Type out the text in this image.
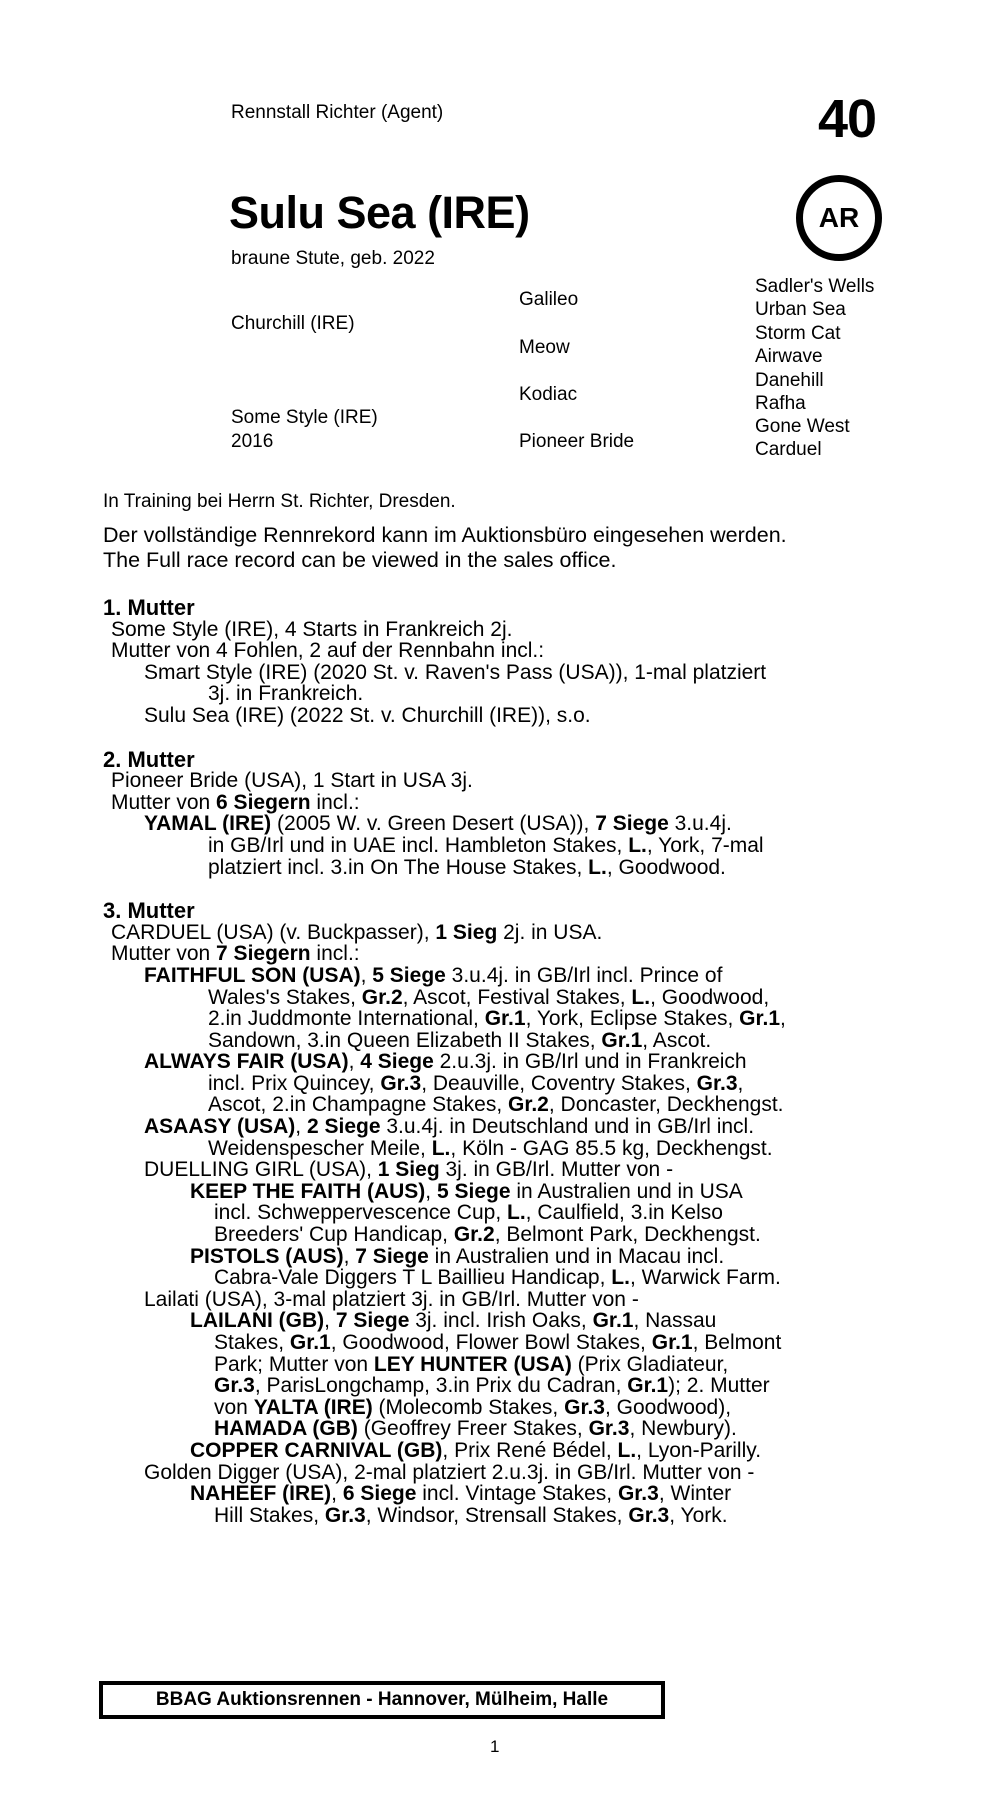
Rennstall Richter (Agent)	40
Sulu Sea (IRE)
braune Stute, geb. 2022
AR
Churchill (IRE)
Some Style (IRE)
2016
Galileo
Meow
Kodiac
Pioneer Bride
Sadler's Wells
Urban Sea
Storm Cat
Airwave
Danehill
Rafha
Gone West
Carduel
In Training bei Herrn St. Richter, Dresden.
Der vollständige Rennrekord kann im Auktionsbüro eingesehen werden.
The Full race record can be viewed in the sales office.
1. Mutter
Some Style (IRE), 4 Starts in Frankreich 2j.
Mutter von 4 Fohlen, 2 auf der Rennbahn incl.:
Smart Style (IRE) (2020 St. v. Raven's Pass (USA)), 1-mal platziert
3j. in Frankreich.
Sulu Sea (IRE) (2022 St. v. Churchill (IRE)), s.o.
2. Mutter
Pioneer Bride (USA), 1 Start in USA 3j.
Mutter von 6 Siegern incl.:
YAMAL (IRE) (2005 W. v. Green Desert (USA)), 7 Siege 3.u.4j.
in GB/Irl und in UAE incl. Hambleton Stakes, L., York, 7-mal
platziert incl. 3.in On The House Stakes, L., Goodwood.
3. Mutter
CARDUEL (USA) (v. Buckpasser), 1 Sieg 2j. in USA.
Mutter von 7 Siegern incl.:
FAITHFUL SON (USA), 5 Siege 3.u.4j. in GB/Irl incl. Prince of
Wales's Stakes, Gr.2, Ascot, Festival Stakes, L., Goodwood,
2.in Juddmonte International, Gr.1, York, Eclipse Stakes, Gr.1,
Sandown, 3.in Queen Elizabeth II Stakes, Gr.1, Ascot.
ALWAYS FAIR (USA), 4 Siege 2.u.3j. in GB/Irl und in Frankreich
incl. Prix Quincey, Gr.3, Deauville, Coventry Stakes, Gr.3,
Ascot, 2.in Champagne Stakes, Gr.2, Doncaster, Deckhengst.
ASAASY (USA), 2 Siege 3.u.4j. in Deutschland und in GB/Irl incl.
Weidenspescher Meile, L., Köln - GAG 85.5 kg, Deckhengst.
DUELLING GIRL (USA), 1 Sieg 3j. in GB/Irl. Mutter von -
KEEP THE FAITH (AUS), 5 Siege in Australien und in USA
incl. Schweppervescence Cup, L., Caulfield, 3.in Kelso
Breeders' Cup Handicap, Gr.2, Belmont Park, Deckhengst.
PISTOLS (AUS), 7 Siege in Australien und in Macau incl.
Cabra-Vale Diggers T L Baillieu Handicap, L., Warwick Farm.
Lailati (USA), 3-mal platziert 3j. in GB/Irl. Mutter von -
LAILANI (GB), 7 Siege 3j. incl. Irish Oaks, Gr.1, Nassau
Stakes, Gr.1, Goodwood, Flower Bowl Stakes, Gr.1, Belmont
Park; Mutter von LEY HUNTER (USA) (Prix Gladiateur,
Gr.3, ParisLongchamp, 3.in Prix du Cadran, Gr.1); 2. Mutter
von YALTA (IRE) (Molecomb Stakes, Gr.3, Goodwood),
HAMADA (GB) (Geoffrey Freer Stakes, Gr.3, Newbury).
COPPER CARNIVAL (GB), Prix René Bédel, L., Lyon-Parilly.
Golden Digger (USA), 2-mal platziert 2.u.3j. in GB/Irl. Mutter von -
NAHEEF (IRE), 6 Siege incl. Vintage Stakes, Gr.3, Winter
Hill Stakes, Gr.3, Windsor, Strensall Stakes, Gr.3, York.
BBAG Auktionsrennen - Hannover, Mülheim, Halle
1
